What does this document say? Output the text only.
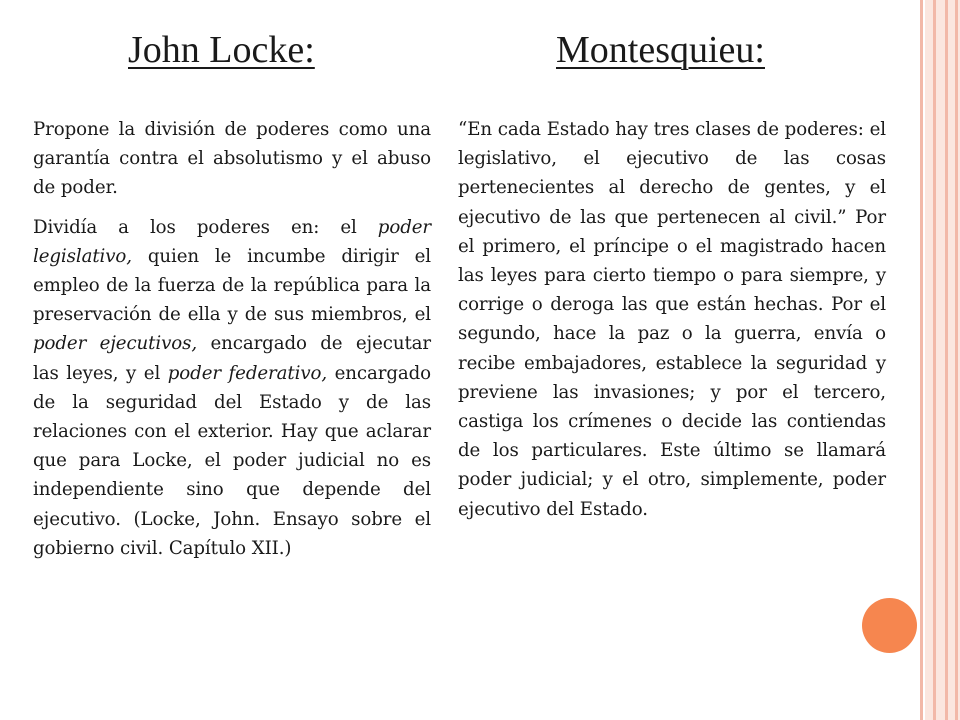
John Locke:	Montesquieu:

Propone la división de poderes como una garantía contra el absolutismo y el abuso de poder.

Dividía a los poderes en: el poder legislativo, quien le incumbe dirigir el empleo de la fuerza de la república para la preservación de ella y de sus miembros, el poder ejecutivos, encargado de ejecutar las leyes, y el poder federativo, encargado de la seguridad del Estado y de las relaciones con el exterior. Hay que aclarar que para Locke, el poder judicial no es independiente sino que depende del ejecutivo. (Locke, John. Ensayo sobre el gobierno civil. Capítulo XII.)

“En cada Estado hay tres clases de poderes: el legislativo, el ejecutivo de las cosas pertenecientes al derecho de gentes, y el ejecutivo de las que pertenecen al civil.” Por el primero, el príncipe o el magistrado hacen las leyes para cierto tiempo o para siempre, y corrige o deroga las que están hechas. Por el segundo, hace la paz o la guerra, envía o recibe embajadores, establece la seguridad y previene las invasiones; y por el tercero, castiga los crímenes o decide las contiendas de los particulares. Este último se llamará poder judicial; y el otro, simplemente, poder ejecutivo del Estado.
